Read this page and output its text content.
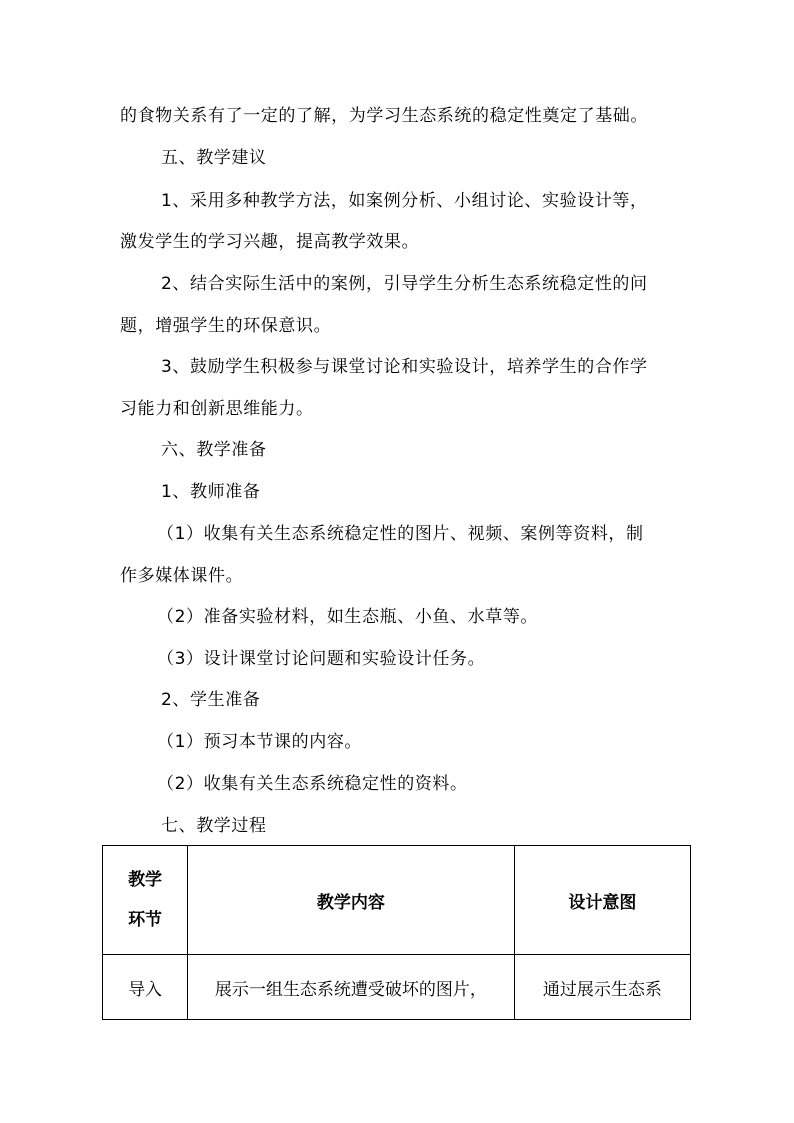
的食物关系有了一定的了解，为学习生态系统的稳定性奠定了基础。
五、教学建议
1、采用多种教学方法，如案例分析、小组讨论、实验设计等，
激发学生的学习兴趣，提高教学效果。
2、结合实际生活中的案例，引导学生分析生态系统稳定性的问
题，增强学生的环保意识。
3、鼓励学生积极参与课堂讨论和实验设计，培养学生的合作学
习能力和创新思维能力。
六、教学准备
1、教师准备
（1）收集有关生态系统稳定性的图片、视频、案例等资料，制
作多媒体课件。
（2）准备实验材料，如生态瓶、小鱼、水草等。
（3）设计课堂讨论问题和实验设计任务。
2、学生准备
（1）预习本节课的内容。
（2）收集有关生态系统稳定性的资料。
七、教学过程
教学
环节	教学内容	设计意图
导入	展示一组生态系统遭受破坏的图片，	通过展示生态系
